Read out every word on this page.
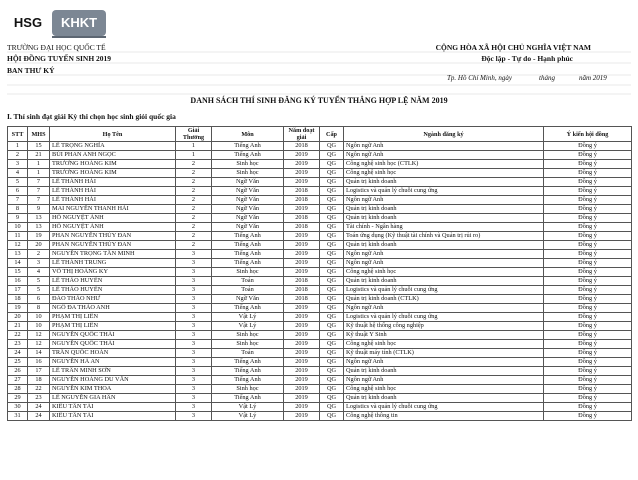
HSG	KHKT
TRƯỜNG ĐẠI HỌC QUỐC TẾ
HỘI ĐỒNG TUYỂN SINH 2019
BAN THƯ KÝ
CỘNG HÒA XÃ HỘI CHỦ NGHĨA VIỆT NAM
Độc lập - Tự do - Hạnh phúc
Tp. Hồ Chí Minh, ngày	tháng	năm 2019
DANH SÁCH THÍ SINH ĐĂNG KÝ TUYỂN THẲNG HỢP LỆ NĂM 2019
I. Thí sinh đạt giải Kỳ thi chọn học sinh giỏi quốc gia
STT	MHS	Họ Tên	Giải Thưởng	Môn	Năm đoạt giải	Cấp	Ngành đăng ký	Ý kiến hội đồng
1	15	LÊ TRỌNG NGHĨA	1	Tiếng Anh	2018	QG	Ngôn ngữ Anh	Đồng ý
2	21	BÙI PHAN ANH NGỌC	1	Tiếng Anh	2019	QG	Ngôn ngữ Anh	Đồng ý
3	1	TRƯƠNG HOÀNG KIM	2	Sinh học	2019	QG	Công nghệ sinh học (CTLK)	Đồng ý
4	1	TRƯƠNG HOÀNG KIM	2	Sinh học	2019	QG	Công nghệ sinh học	Đồng ý
5	7	LÊ THÀNH HẢI	2	Ngữ Văn	2019	QG	Quản trị kinh doanh	Đồng ý
6	7	LÊ THÀNH HẢI	2	Ngữ Văn	2018	QG	Logistics và quản lý chuỗi cung ứng	Đồng ý
7	7	LÊ THÀNH HẢI	2	Ngữ Văn	2018	QG	Ngôn ngữ Anh	Đồng ý
8	9	MAI NGUYỄN THANH HẢI	2	Ngữ Văn	2019	QG	Quản trị kinh doanh	Đồng ý
9	13	HỒ NGUYỆT ÁNH	2	Ngữ Văn	2018	QG	Quản trị kinh doanh	Đồng ý
10	13	HỒ NGUYỆT ÁNH	2	Ngữ Văn	2018	QG	Tài chính - Ngân hàng	Đồng ý
11	19	PHAN NGUYỄN THỦY ĐAN	2	Tiếng Anh	2019	QG	Toán ứng dụng (Kỹ thuật tài chính và Quản trị rủi ro)	Đồng ý
12	20	PHAN NGUYỄN THỦY ĐAN	2	Tiếng Anh	2019	QG	Quản trị kinh doanh	Đồng ý
13	2	NGUYỄN TRỌNG TẤN MINH	3	Tiếng Anh	2019	QG	Ngôn ngữ Anh	Đồng ý
14	3	LÊ THÀNH TRUNG	3	Tiếng Anh	2019	QG	Ngôn ngữ Anh	Đồng ý
15	4	VÕ THỊ HOÀNG KY	3	Sinh học	2019	QG	Công nghệ sinh học	Đồng ý
16	5	LÊ THẢO HUYỀN	3	Toán	2018	QG	Quản trị kinh doanh	Đồng ý
17	5	LÊ THẢO HUYỀN	3	Toán	2018	QG	Logistics và quản lý chuỗi cung ứng	Đồng ý
18	6	ĐÀO THẢO NHƯ	3	Ngữ Văn	2018	QG	Quản trị kinh doanh (CTLK)	Đồng ý
19	8	NGÔ ĐA THẢO ANH	3	Tiếng Anh	2019	QG	Ngôn ngữ Anh	Đồng ý
20	10	PHẠM THỊ LIÊN	3	Vật Lý	2019	QG	Logistics và quản lý chuỗi cung ứng	Đồng ý
21	10	PHẠM THỊ LIÊN	3	Vật Lý	2019	QG	Kỹ thuật hệ thống công nghiệp	Đồng ý
22	12	NGUYỄN QUỐC THÁI	3	Sinh học	2019	QG	Kỹ thuật Y Sinh	Đồng ý
23	12	NGUYỄN QUỐC THÁI	3	Sinh học	2019	QG	Công nghệ sinh học	Đồng ý
24	14	TRẦN QUỐC HOÀN	3	Toán	2019	QG	Kỹ thuật máy tính (CTLK)	Đồng ý
25	16	NGUYỄN HÀ AN	3	Tiếng Anh	2019	QG	Ngôn ngữ Anh	Đồng ý
26	17	LÊ TRẦN MINH SƠN	3	Tiếng Anh	2019	QG	Quản trị kinh doanh	Đồng ý
27	18	NGUYỄN HOÀNG DU VĂN	3	Tiếng Anh	2019	QG	Ngôn ngữ Anh	Đồng ý
28	22	NGUYỄN KIM THOA	3	Sinh học	2019	QG	Công nghệ sinh học	Đồng ý
29	23	LÊ NGUYỄN GIA HÂN	3	Tiếng Anh	2019	QG	Quản trị kinh doanh	Đồng ý
30	24	KIỀU TẤN TÀI	3	Vật Lý	2019	QG	Logistics và quản lý chuỗi cung ứng	Đồng ý
31	24	KIỀU TẤN TÀI	3	Vật Lý	2019	QG	Công nghệ thông tin	Đồng ý
